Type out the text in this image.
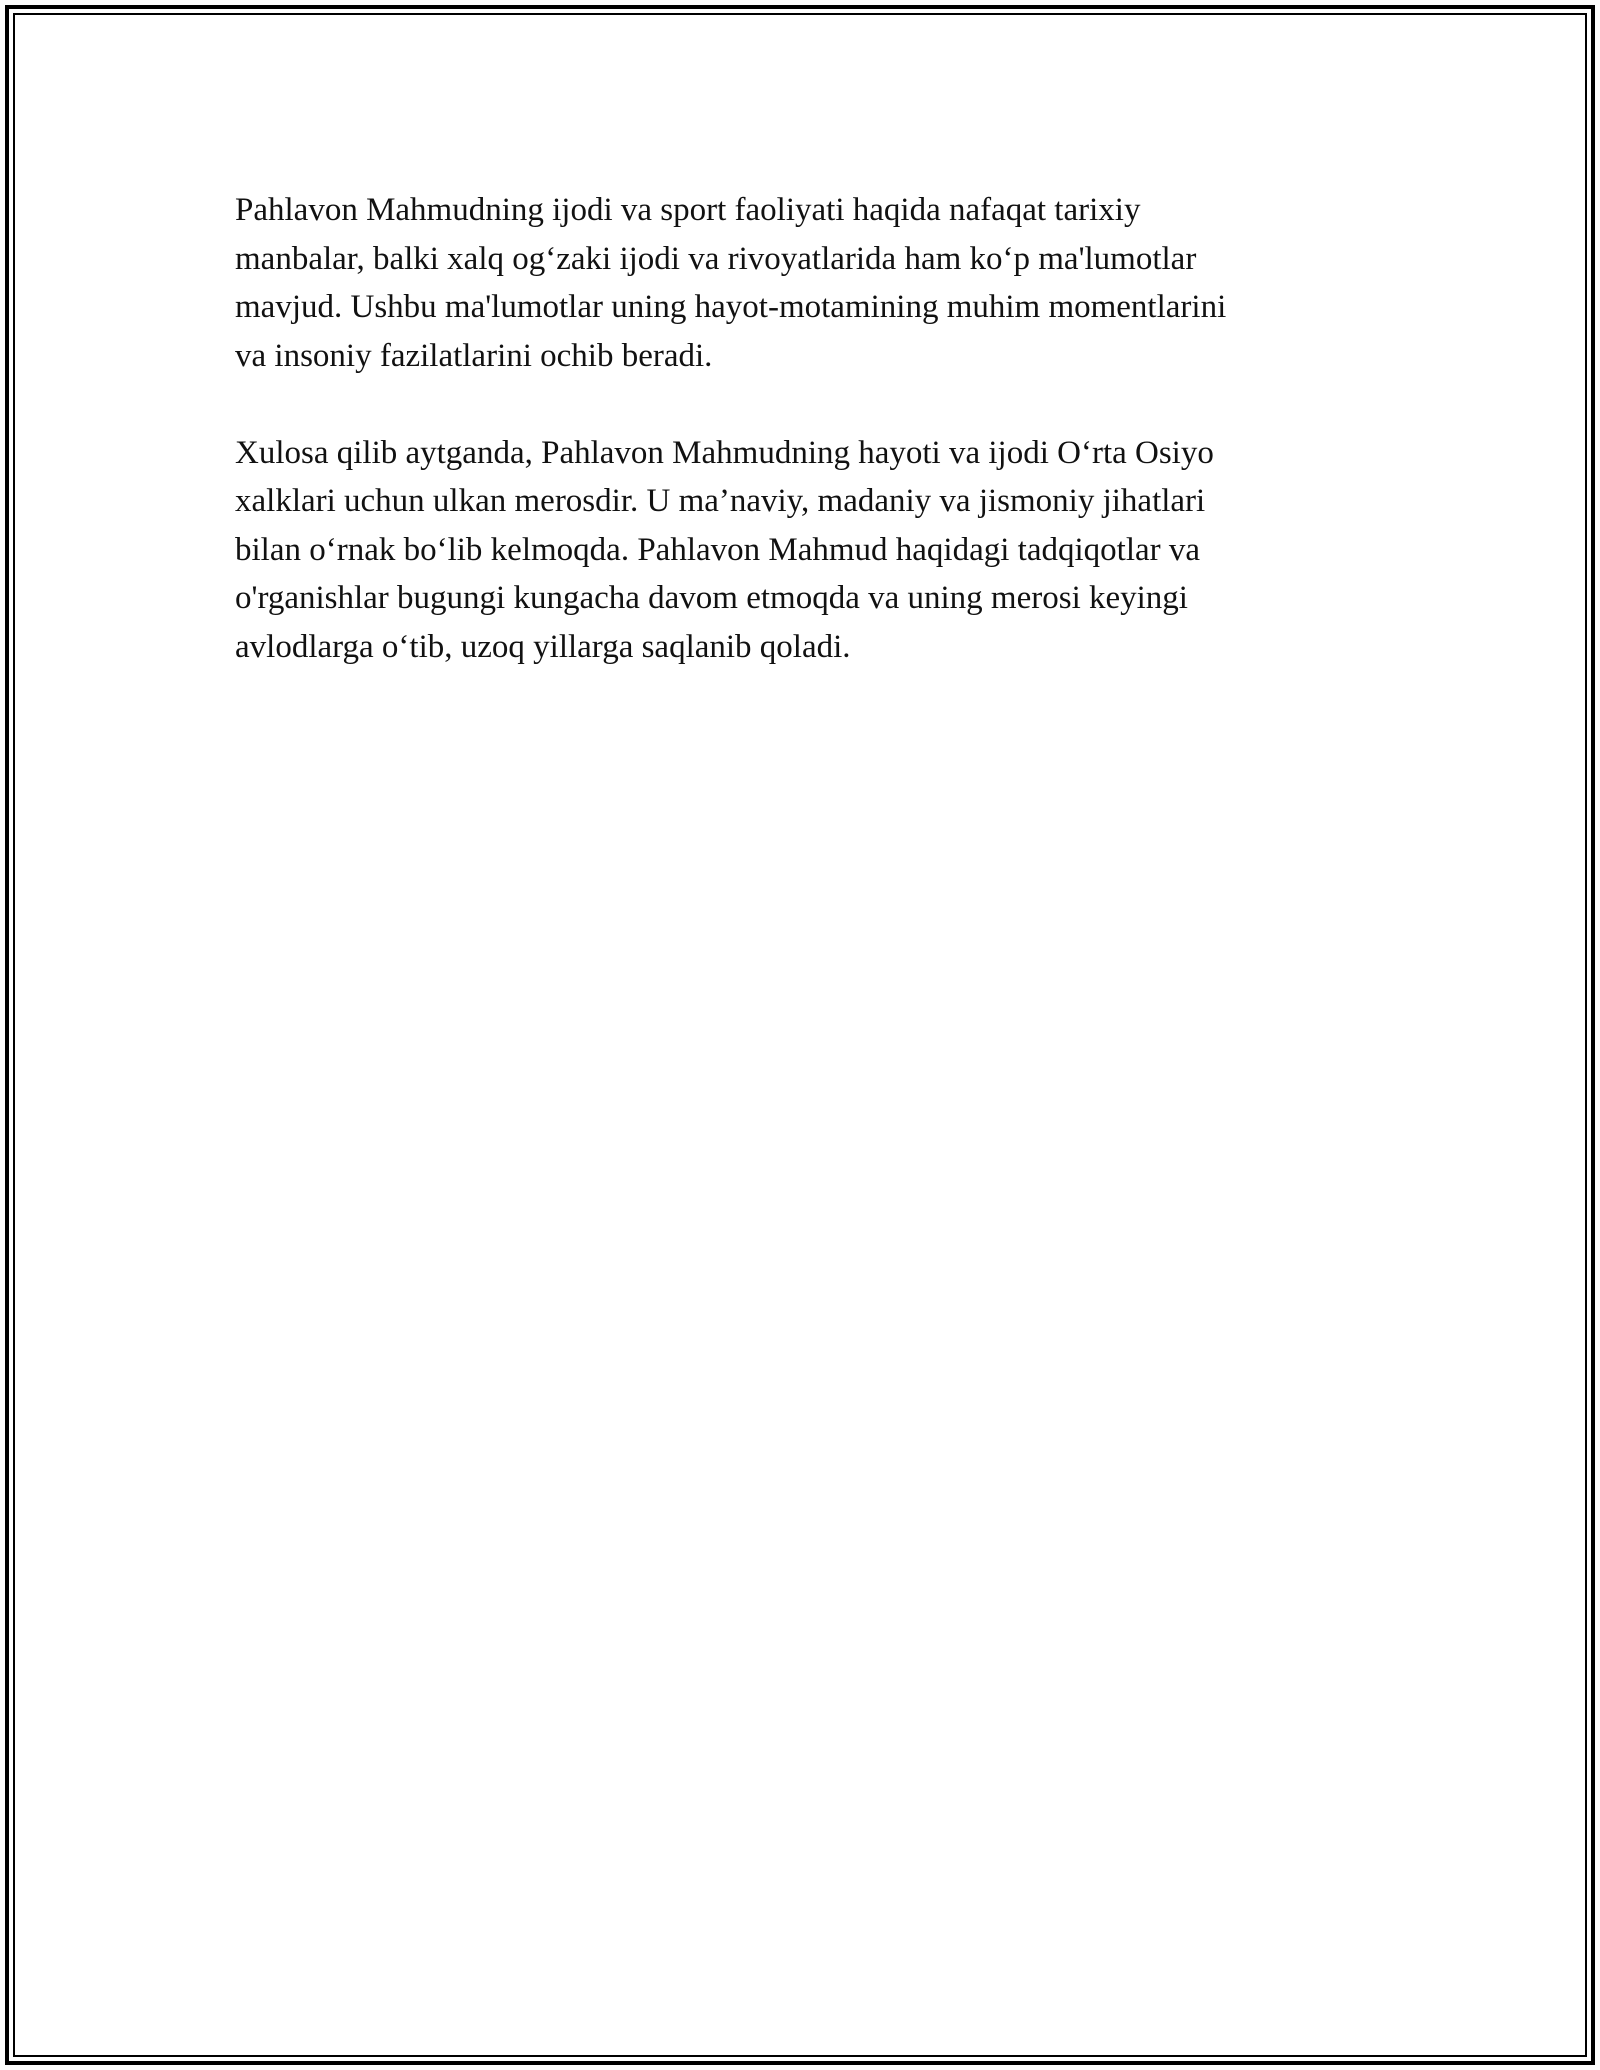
Pahlavon Mahmudning ijodi va sport faoliyati haqida nafaqat tarixiy
manbalar, balki xalq ogʻzaki ijodi va rivoyatlarida ham koʻp ma'lumotlar
mavjud. Ushbu ma'lumotlar uning hayot-motamining muhim momentlarini
va insoniy fazilatlarini ochib beradi.

Xulosa qilib aytganda, Pahlavon Mahmudning hayoti va ijodi Oʻrta Osiyo
xalklari uchun ulkan merosdir. U ma’naviy, madaniy va jismoniy jihatlari
bilan oʻrnak boʻlib kelmoqda. Pahlavon Mahmud haqidagi tadqiqotlar va
o'rganishlar bugungi kungacha davom etmoqda va uning merosi keyingi
avlodlarga oʻtib, uzoq yillarga saqlanib qoladi.
